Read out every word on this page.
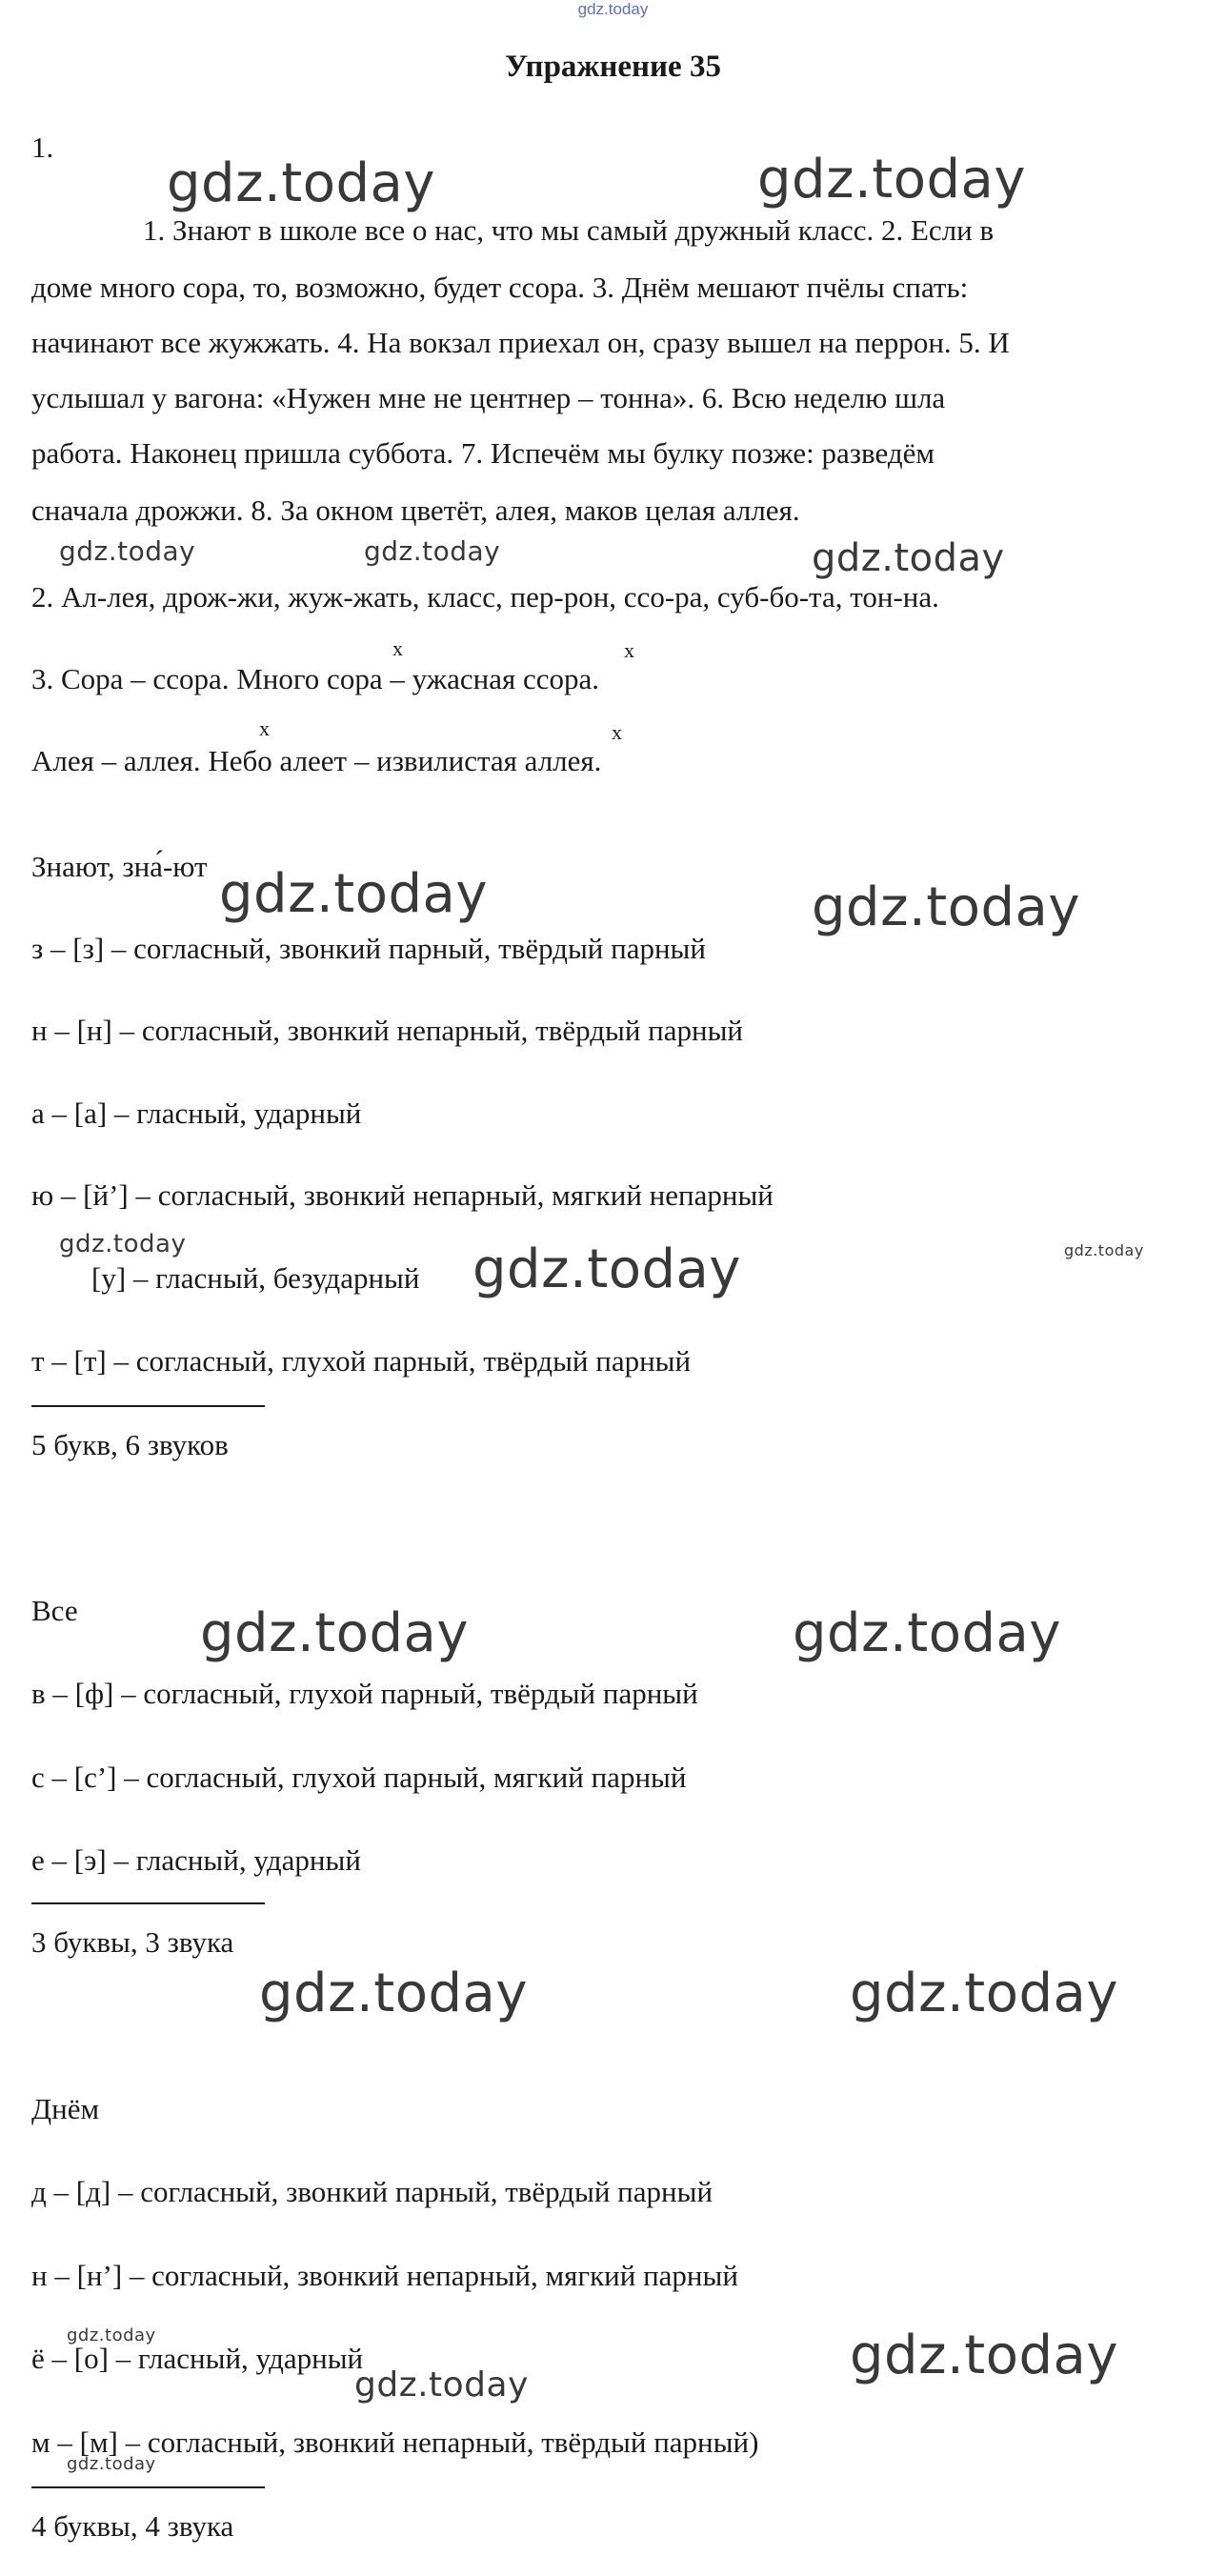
gdz.today
Упражнение 35
1.
1. Знают в школе все о нас, что мы самый дружный класс. 2. Если в
доме много сора, то, возможно, будет ссора. 3. Днём мешают пчёлы спать:
начинают все жужжать. 4. На вокзал приехал он, сразу вышел на перрон. 5. И
услышал у вагона: «Нужен мне не центнер – тонна». 6. Всю неделю шла
работа. Наконец пришла суббота. 7. Испечём мы булку позже: разведём
сначала дрожжи. 8. За окном цветёт, алея, маков целая аллея.
2. Ал-лея, дрож-жи, жуж-жать, класс, пер-рон, ссо-ра, суб-бо-та, тон-на.
x	x
3. Сора – ссора. Много сора – ужасная ссора.
x	x
Алея – аллея. Небо алеет – извилистая аллея.
Знают, зна́-ют
з – [з] – согласный, звонкий парный, твёрдый парный
н – [н] – согласный, звонкий непарный, твёрдый парный
а – [а] – гласный, ударный
ю – [й’] – согласный, звонкий непарный, мягкий непарный
[у] – гласный, безударный
т – [т] – согласный, глухой парный, твёрдый парный
5 букв, 6 звуков
Все
в – [ф] – согласный, глухой парный, твёрдый парный
с – [с’] – согласный, глухой парный, мягкий парный
е – [э] – гласный, ударный
3 буквы, 3 звука
Днём
д – [д] – согласный, звонкий парный, твёрдый парный
н – [н’] – согласный, звонкий непарный, мягкий парный
ё – [о] – гласный, ударный
м – [м] – согласный, звонкий непарный, твёрдый парный)
4 буквы, 4 звука
gdz.today	gdz.today
gdz.today	gdz.today	gdz.today
gdz.today	gdz.today
gdz.today	gdz.today	gdz.today
gdz.today	gdz.today
gdz.today	gdz.today
gdz.today	gdz.today
gdz.today
gdz.today
